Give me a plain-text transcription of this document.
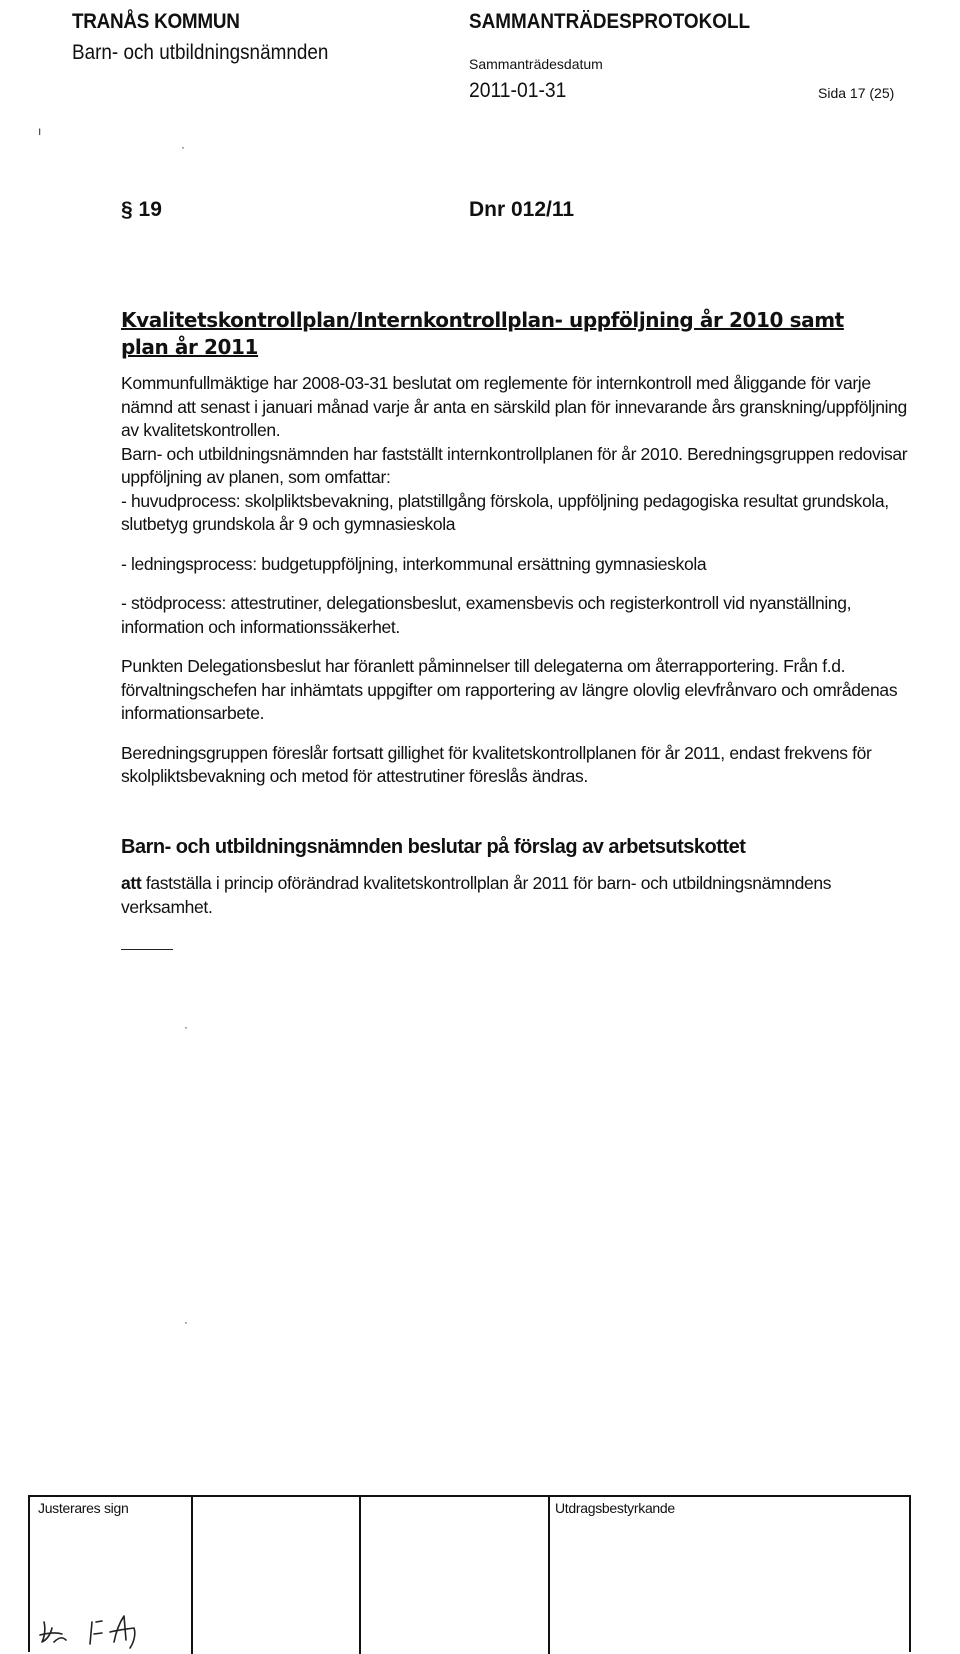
TRANÅS KOMMUN
Barn- och utbildningsnämnden
SAMMANTRÄDESPROTOKOLL
Sammanträdesdatum
2011-01-31	Sida 17 (25)
ı
·
§ 19	Dnr 012/11
Kvalitetskontrollplan/Internkontrollplan- uppföljning år 2010 samt plan år 2011

Kommunfullmäktige har 2008-03-31 beslutat om reglemente för internkontroll med åliggande för varje nämnd att senast i januari månad varje år anta en särskild plan för innevarande års granskning/uppföljning av kvalitetskontrollen.

Barn- och utbildningsnämnden har fastställt internkontrollplanen för år 2010. Beredningsgruppen redovisar uppföljning av planen, som omfattar:

- huvudprocess: skolpliktsbevakning, platstillgång förskola, uppföljning pedagogiska resultat grundskola, slutbetyg grundskola år 9 och gymnasieskola

- ledningsprocess: budgetuppföljning, interkommunal ersättning gymnasieskola

- stödprocess: attestrutiner, delegationsbeslut, examensbevis och registerkontroll vid nyanställning, information och informationssäkerhet.

Punkten Delegationsbeslut har föranlett påminnelser till delegaterna om återrapportering. Från f.d. förvaltningschefen har inhämtats uppgifter om rapportering av längre olovlig elevfrånvaro och områdenas informationsarbete.

Beredningsgruppen föreslår fortsatt gillighet för kvalitetskontrollplanen för år 2011, endast frekvens för skolpliktsbevakning och metod för attestrutiner föreslås ändras.

Barn- och utbildningsnämnden beslutar på förslag av arbetsutskottet
att fastställa i princip oförändrad kvalitetskontrollplan år 2011 för barn- och utbildningsnämndens verksamhet.
·
·
Justerares sign	Utdragsbestyrkande
